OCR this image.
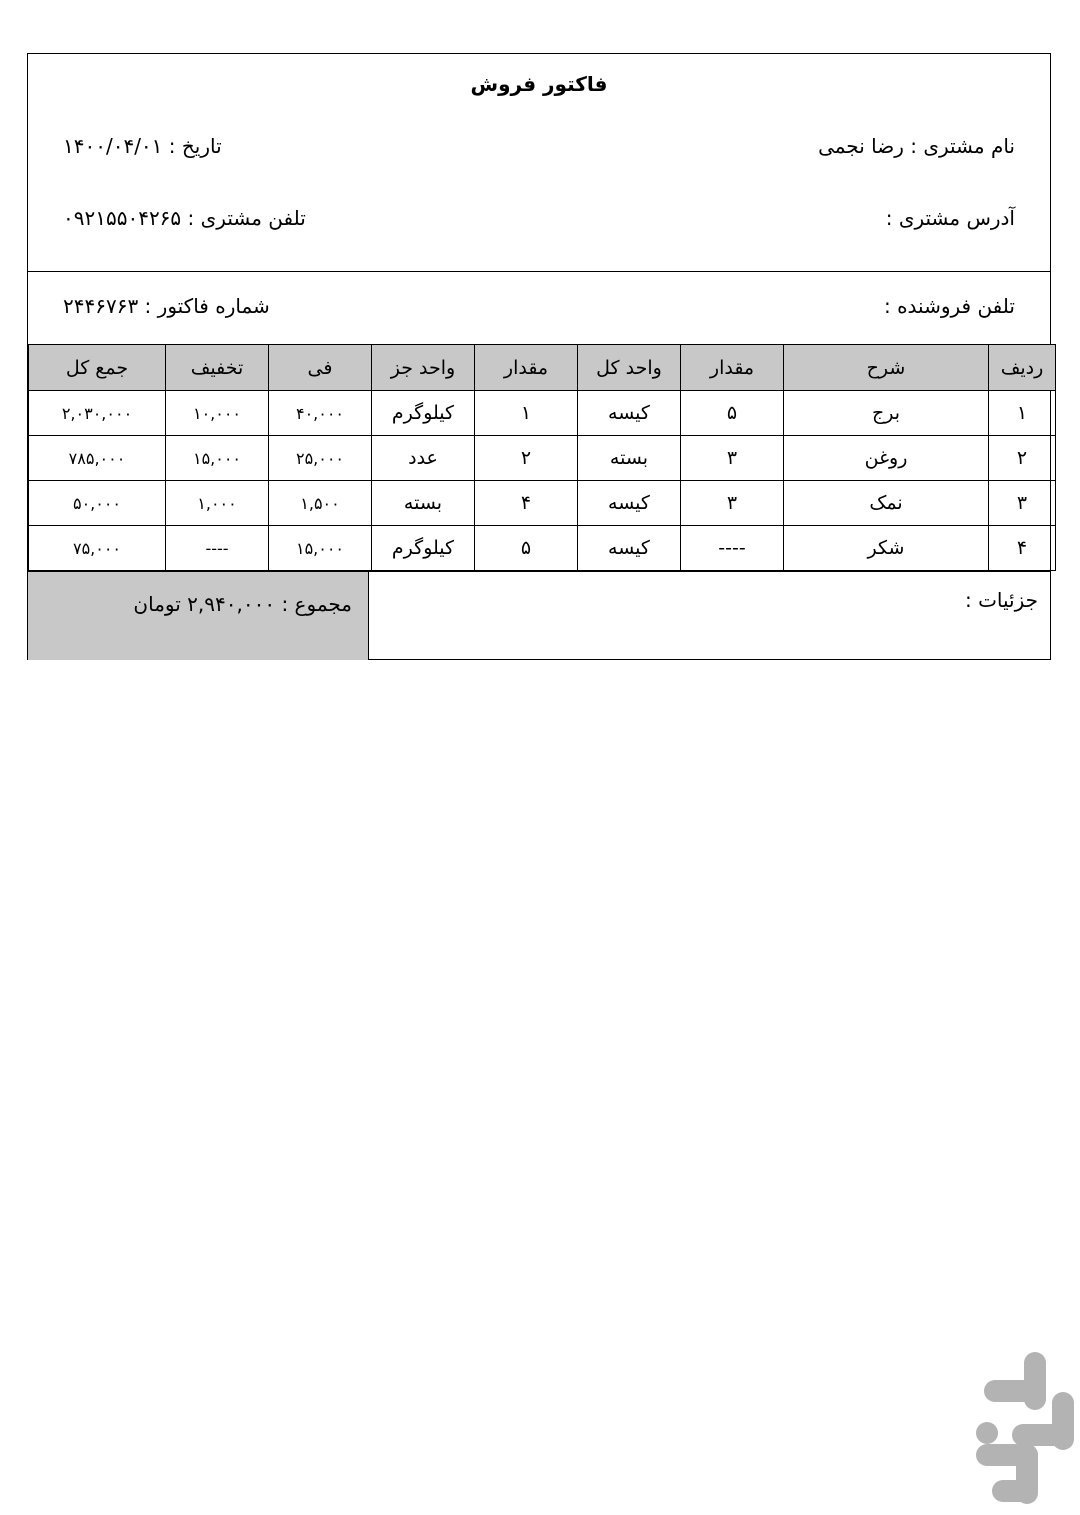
فاکتور فروش
نام مشتری : رضا نجمی
تاریخ : ۱۴۰۰/۰۴/۰۱
آدرس مشتری :
تلفن مشتری : ۰۹۲۱۵۵۰۴۲۶۵
تلفن فروشنده :
شماره فاکتور : ۲۴۴۶۷۶۳
ردیف	شرح	مقدار	واحد کل	مقدار	واحد جز	فی	تخفیف	جمع کل
۱	برج	۵	کیسه	۱	کیلوگرم	۴۰,۰۰۰	۱۰,۰۰۰	۲,۰۳۰,۰۰۰
۲	روغن	۳	بسته	۲	عدد	۲۵,۰۰۰	۱۵,۰۰۰	۷۸۵,۰۰۰
۳	نمک	۳	کیسه	۴	بسته	۱,۵۰۰	۱,۰۰۰	۵۰,۰۰۰
۴	شکر	----	کیسه	۵	کیلوگرم	۱۵,۰۰۰	----	۷۵,۰۰۰
مجموع : ۲,۹۴۰,۰۰۰ تومان	جزئیات :
